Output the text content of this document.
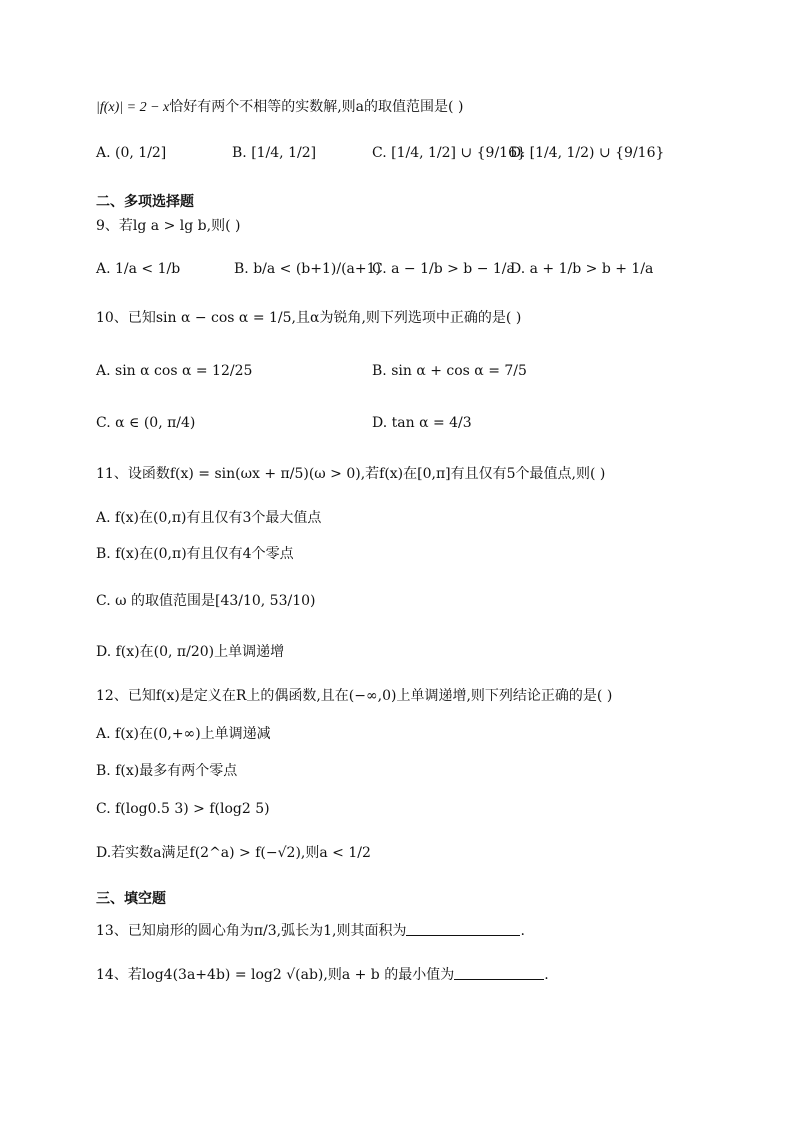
|f(x)| = 2 − x恰好有两个不相等的实数解,则a的取值范围是( )
A. (0, 1/2]	B. [1/4, 1/2]	C. [1/4, 1/2] ∪ {9/16}
D. [1/4, 1/2) ∪ {9/16}
二、多项选择题
9、若lg a > lg b,则( )
A. 1/a < 1/b	B. b/a < (b+1)/(a+1)
C. a − 1/b > b − 1/a
D. a + 1/b > b + 1/a
10、已知sin α − cos α = 1/5,且α为锐角,则下列选项中正确的是( )
A. sin α cos α = 12/25	B. sin α + cos α = 7/5
C. α ∈ (0, π/4)	D. tan α = 4/3
11、设函数f(x) = sin(ωx + π/5)(ω > 0),若f(x)在[0,π]有且仅有5个最值点,则( )
A. f(x)在(0,π)有且仅有3个最大值点
B. f(x)在(0,π)有且仅有4个零点
C. ω 的取值范围是[43/10, 53/10)
D. f(x)在(0, π/20)上单调递增
12、已知f(x)是定义在R上的偶函数,且在(−∞,0)上单调递增,则下列结论正确的是( )
A. f(x)在(0,+∞)上单调递减
B. f(x)最多有两个零点
C. f(log0.5 3) > f(log2 5)
D.若实数a满足f(2^a) > f(−√2),则a < 1/2
三、填空题
13、已知扇形的圆心角为π/3,弧长为1,则其面积为	.
14、若log4(3a+4b) = log2 √(ab),则a + b 的最小值为	.
